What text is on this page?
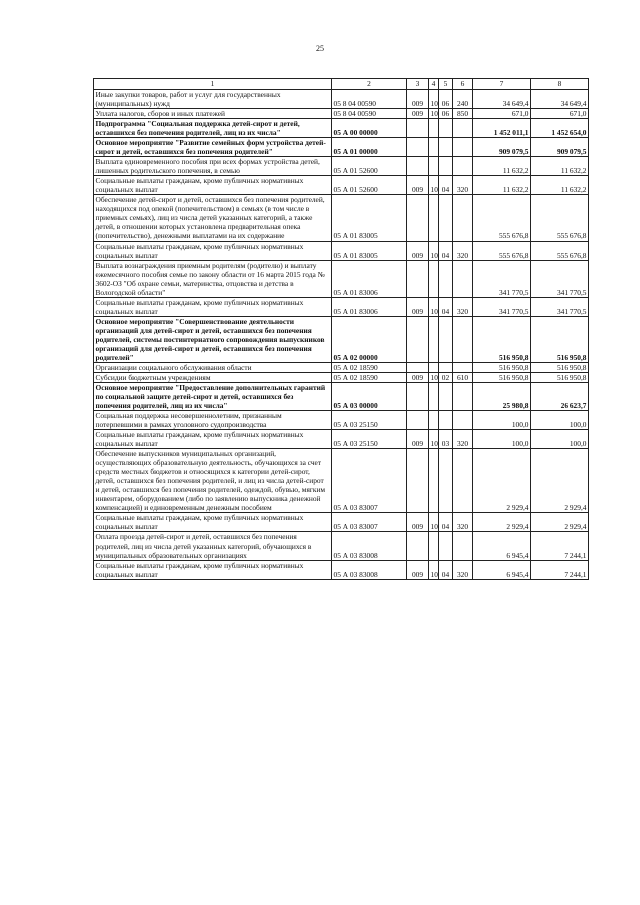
25
1	2	3	4	5	6	7	8
Иные закупки товаров, работ и услуг для государственных (муниципальных) нужд	05 8 04 00590	009	10	06	240	34 649,4	34 649,4
Уплата налогов, сборов и иных платежей	05 8 04 00590	009	10	06	850	671,0	671,0
Подпрограмма "Социальная поддержка детей-сирот и детей, оставшихся без попечения родителей, лиц из их числа"	05 А 00 00000					1 452 011,1	1 452 654,0
Основное мероприятие "Развитие семейных форм устройства детей-сирот и детей, оставшихся без попечения родителей"	05 А 01 00000					909 079,5	909 079,5
Выплата единовременного пособия при всех формах устройства детей, лишенных родительского попечения, в семью	05 А 01 52600					11 632,2	11 632,2
Социальные выплаты гражданам, кроме публичных нормативных социальных выплат	05 А 01 52600	009	10	04	320	11 632,2	11 632,2
Обеспечение детей-сирот и детей, оставшихся без попечения родителей, находящихся под опекой (попечительством) в семьях (в том числе в приемных семьях), лиц из числа детей указанных категорий, а также детей, в отношении которых установлена предварительная опека (попечительство), денежными выплатами на их содержание	05 А 01 83005					555 676,8	555 676,8
Социальные выплаты гражданам, кроме публичных нормативных социальных выплат	05 А 01 83005	009	10	04	320	555 676,8	555 676,8
Выплата вознаграждения приемным родителям (родителю) и выплату ежемесячного пособия семье по закону области от 16 марта 2015 года № 3602-ОЗ "Об охране семьи, материнства, отцовства и детства в Вологодской области"	05 А 01 83006					341 770,5	341 770,5
Социальные выплаты гражданам, кроме публичных нормативных социальных выплат	05 А 01 83006	009	10	04	320	341 770,5	341 770,5
Основное мероприятие "Совершенствование деятельности организаций для детей-сирот и детей, оставшихся без попечения родителей, системы постинтернатного сопровождения выпускников организаций для детей-сирот и детей, оставшихся без попечения родителей"	05 А 02 00000					516 950,8	516 950,8
Организации социального обслуживания области	05 А 02 18590					516 950,8	516 950,8
Субсидии бюджетным учреждениям	05 А 02 18590	009	10	02	610	516 950,8	516 950,8
Основное мероприятие "Предоставление дополнительных гарантий по социальной защите детей-сирот и детей, оставшихся без попечения родителей, лиц из их числа"	05 А 03 00000					25 980,8	26 623,7
Социальная поддержка несовершеннолетним, признанным потерпевшими в рамках уголовного судопроизводства	05 А 03 25150					100,0	100,0
Социальные выплаты гражданам, кроме публичных нормативных социальных выплат	05 А 03 25150	009	10	03	320	100,0	100,0
Обеспечение выпускников муниципальных организаций, осуществляющих образовательную деятельность, обучающихся за счет средств местных бюджетов и относящихся к категории детей-сирот, детей, оставшихся без попечения родителей, и лиц из числа детей-сирот и детей, оставшихся без попечения родителей, одеждой, обувью, мягким инвентарем, оборудованием (либо по заявлению выпускника денежной компенсацией) и единовременным денежным пособием	05 А 03 83007					2 929,4	2 929,4
Социальные выплаты гражданам, кроме публичных нормативных социальных выплат	05 А 03 83007	009	10	04	320	2 929,4	2 929,4
Оплата проезда детей-сирот и детей, оставшихся без попечения родителей, лиц из числа детей указанных категорий, обучающихся в муниципальных образовательных организациях	05 А 03 83008					6 945,4	7 244,1
Социальные выплаты гражданам, кроме публичных нормативных социальных выплат	05 А 03 83008	009	10	04	320	6 945,4	7 244,1
